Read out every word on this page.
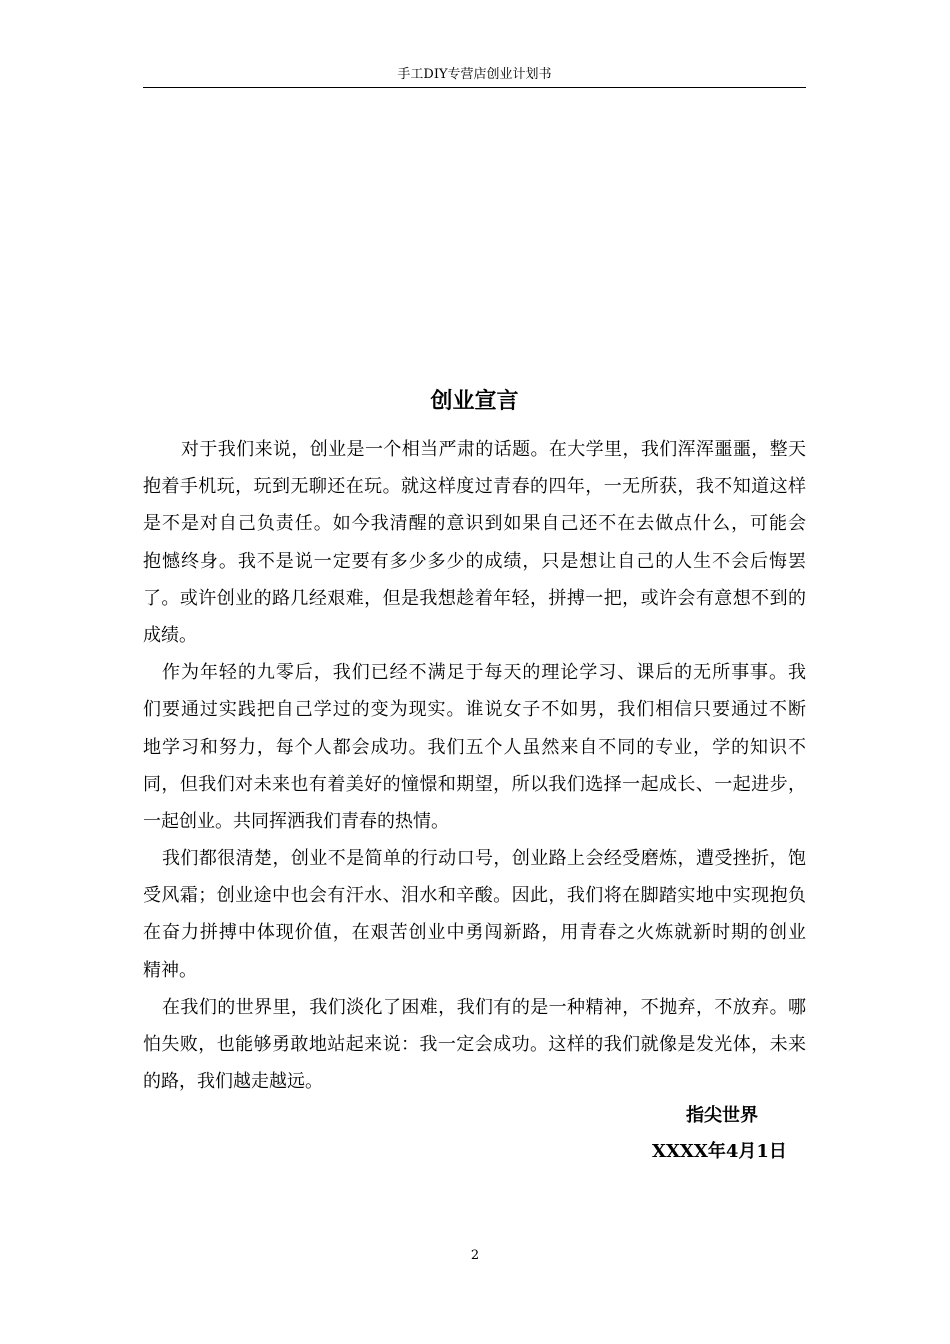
手工DIY专营店创业计划书
创业宣言
对于我们来说，创业是一个相当严肃的话题。在大学里，我们浑浑噩噩，整天
抱着手机玩，玩到无聊还在玩。就这样度过青春的四年，一无所获，我不知道这样
是不是对自己负责任。如今我清醒的意识到如果自己还不在去做点什么，可能会
抱憾终身。我不是说一定要有多少多少的成绩，只是想让自己的人生不会后悔罢
了。或许创业的路几经艰难，但是我想趁着年轻，拼搏一把，或许会有意想不到的
成绩。
作为年轻的九零后，我们已经不满足于每天的理论学习、课后的无所事事。我
们要通过实践把自己学过的变为现实。谁说女子不如男，我们相信只要通过不断
地学习和努力，每个人都会成功。我们五个人虽然来自不同的专业，学的知识不
同，但我们对未来也有着美好的憧憬和期望，所以我们选择一起成长、一起进步，
一起创业。共同挥洒我们青春的热情。
我们都很清楚，创业不是简单的行动口号，创业路上会经受磨炼，遭受挫折，饱
受风霜；创业途中也会有汗水、泪水和辛酸。因此，我们将在脚踏实地中实现抱负
在奋力拼搏中体现价值，在艰苦创业中勇闯新路，用青春之火炼就新时期的创业
精神。
在我们的世界里，我们淡化了困难，我们有的是一种精神，不抛弃，不放弃。哪
怕失败，也能够勇敢地站起来说：我一定会成功。这样的我们就像是发光体，未来
的路，我们越走越远。
指尖世界
XXXX年4月1日
2
